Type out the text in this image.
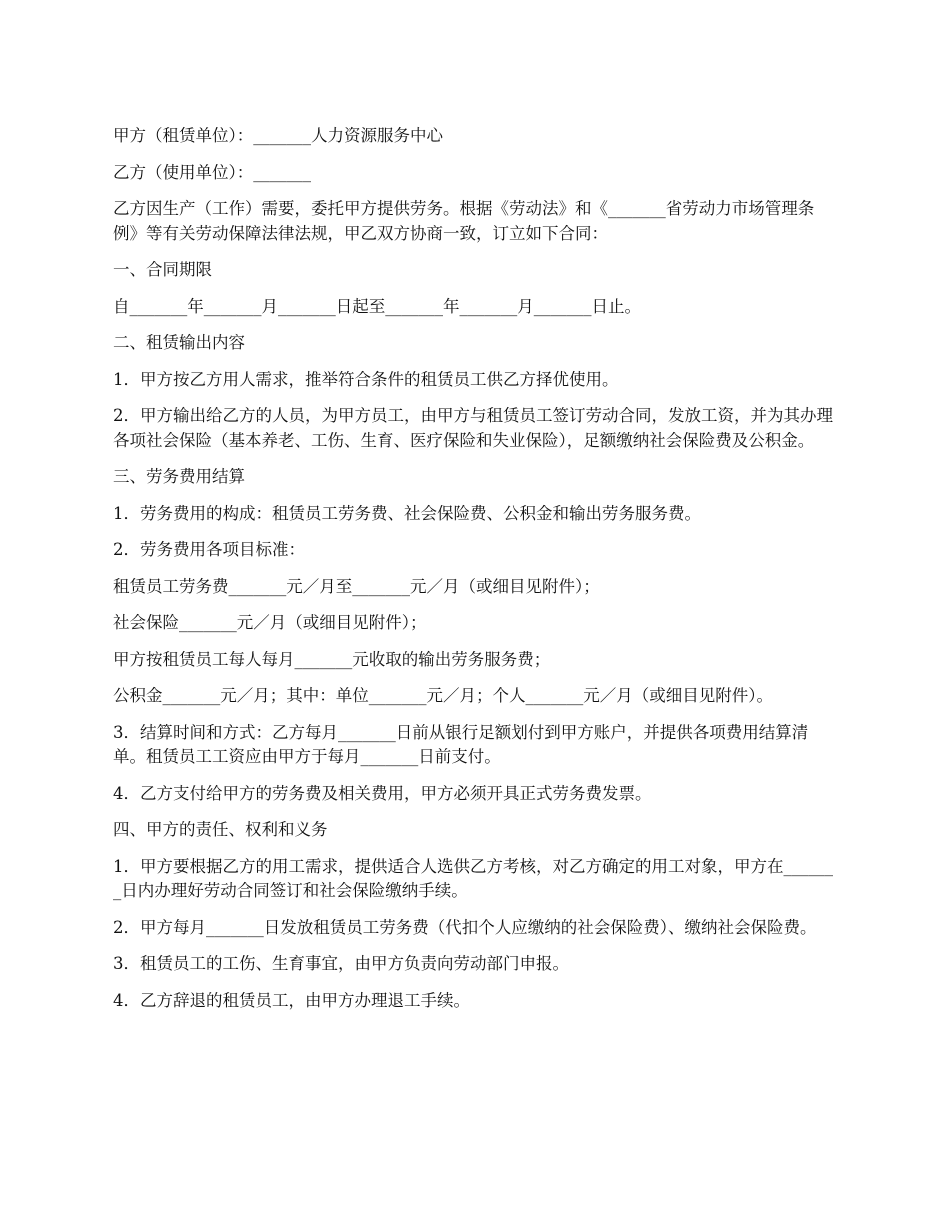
甲方（租赁单位）：_______人力资源服务中心

乙方（使用单位）：_______

乙方因生产（工作）需要，委托甲方提供劳务。根据《劳动法》和《_______省劳动力市场管理条例》等有关劳动保障法律法规，甲乙双方协商一致，订立如下合同：

一、合同期限

自_______年_______月_______日起至_______年_______月_______日止。

二、租赁输出内容

1．甲方按乙方用人需求，推举符合条件的租赁员工供乙方择优使用。

2．甲方输出给乙方的人员，为甲方员工，由甲方与租赁员工签订劳动合同，发放工资，并为其办理各项社会保险（基本养老、工伤、生育、医疗保险和失业保险），足额缴纳社会保险费及公积金。

三、劳务费用结算

1．劳务费用的构成：租赁员工劳务费、社会保险费、公积金和输出劳务服务费。

2．劳务费用各项目标准：

租赁员工劳务费_______元／月至_______元／月（或细目见附件）；

社会保险_______元／月（或细目见附件）；

甲方按租赁员工每人每月_______元收取的输出劳务服务费；

公积金_______元／月；其中：单位_______元／月；个人_______元／月（或细目见附件）。

3．结算时间和方式：乙方每月_______日前从银行足额划付到甲方账户，并提供各项费用结算清单。租赁员工工资应由甲方于每月_______日前支付。

4．乙方支付给甲方的劳务费及相关费用，甲方必须开具正式劳务费发票。

四、甲方的责任、权利和义务

1．甲方要根据乙方的用工需求，提供适合人选供乙方考核，对乙方确定的用工对象，甲方在_______日内办理好劳动合同签订和社会保险缴纳手续。

2．甲方每月_______日发放租赁员工劳务费（代扣个人应缴纳的社会保险费）、缴纳社会保险费。

3．租赁员工的工伤、生育事宜，由甲方负责向劳动部门申报。

4．乙方辞退的租赁员工，由甲方办理退工手续。
